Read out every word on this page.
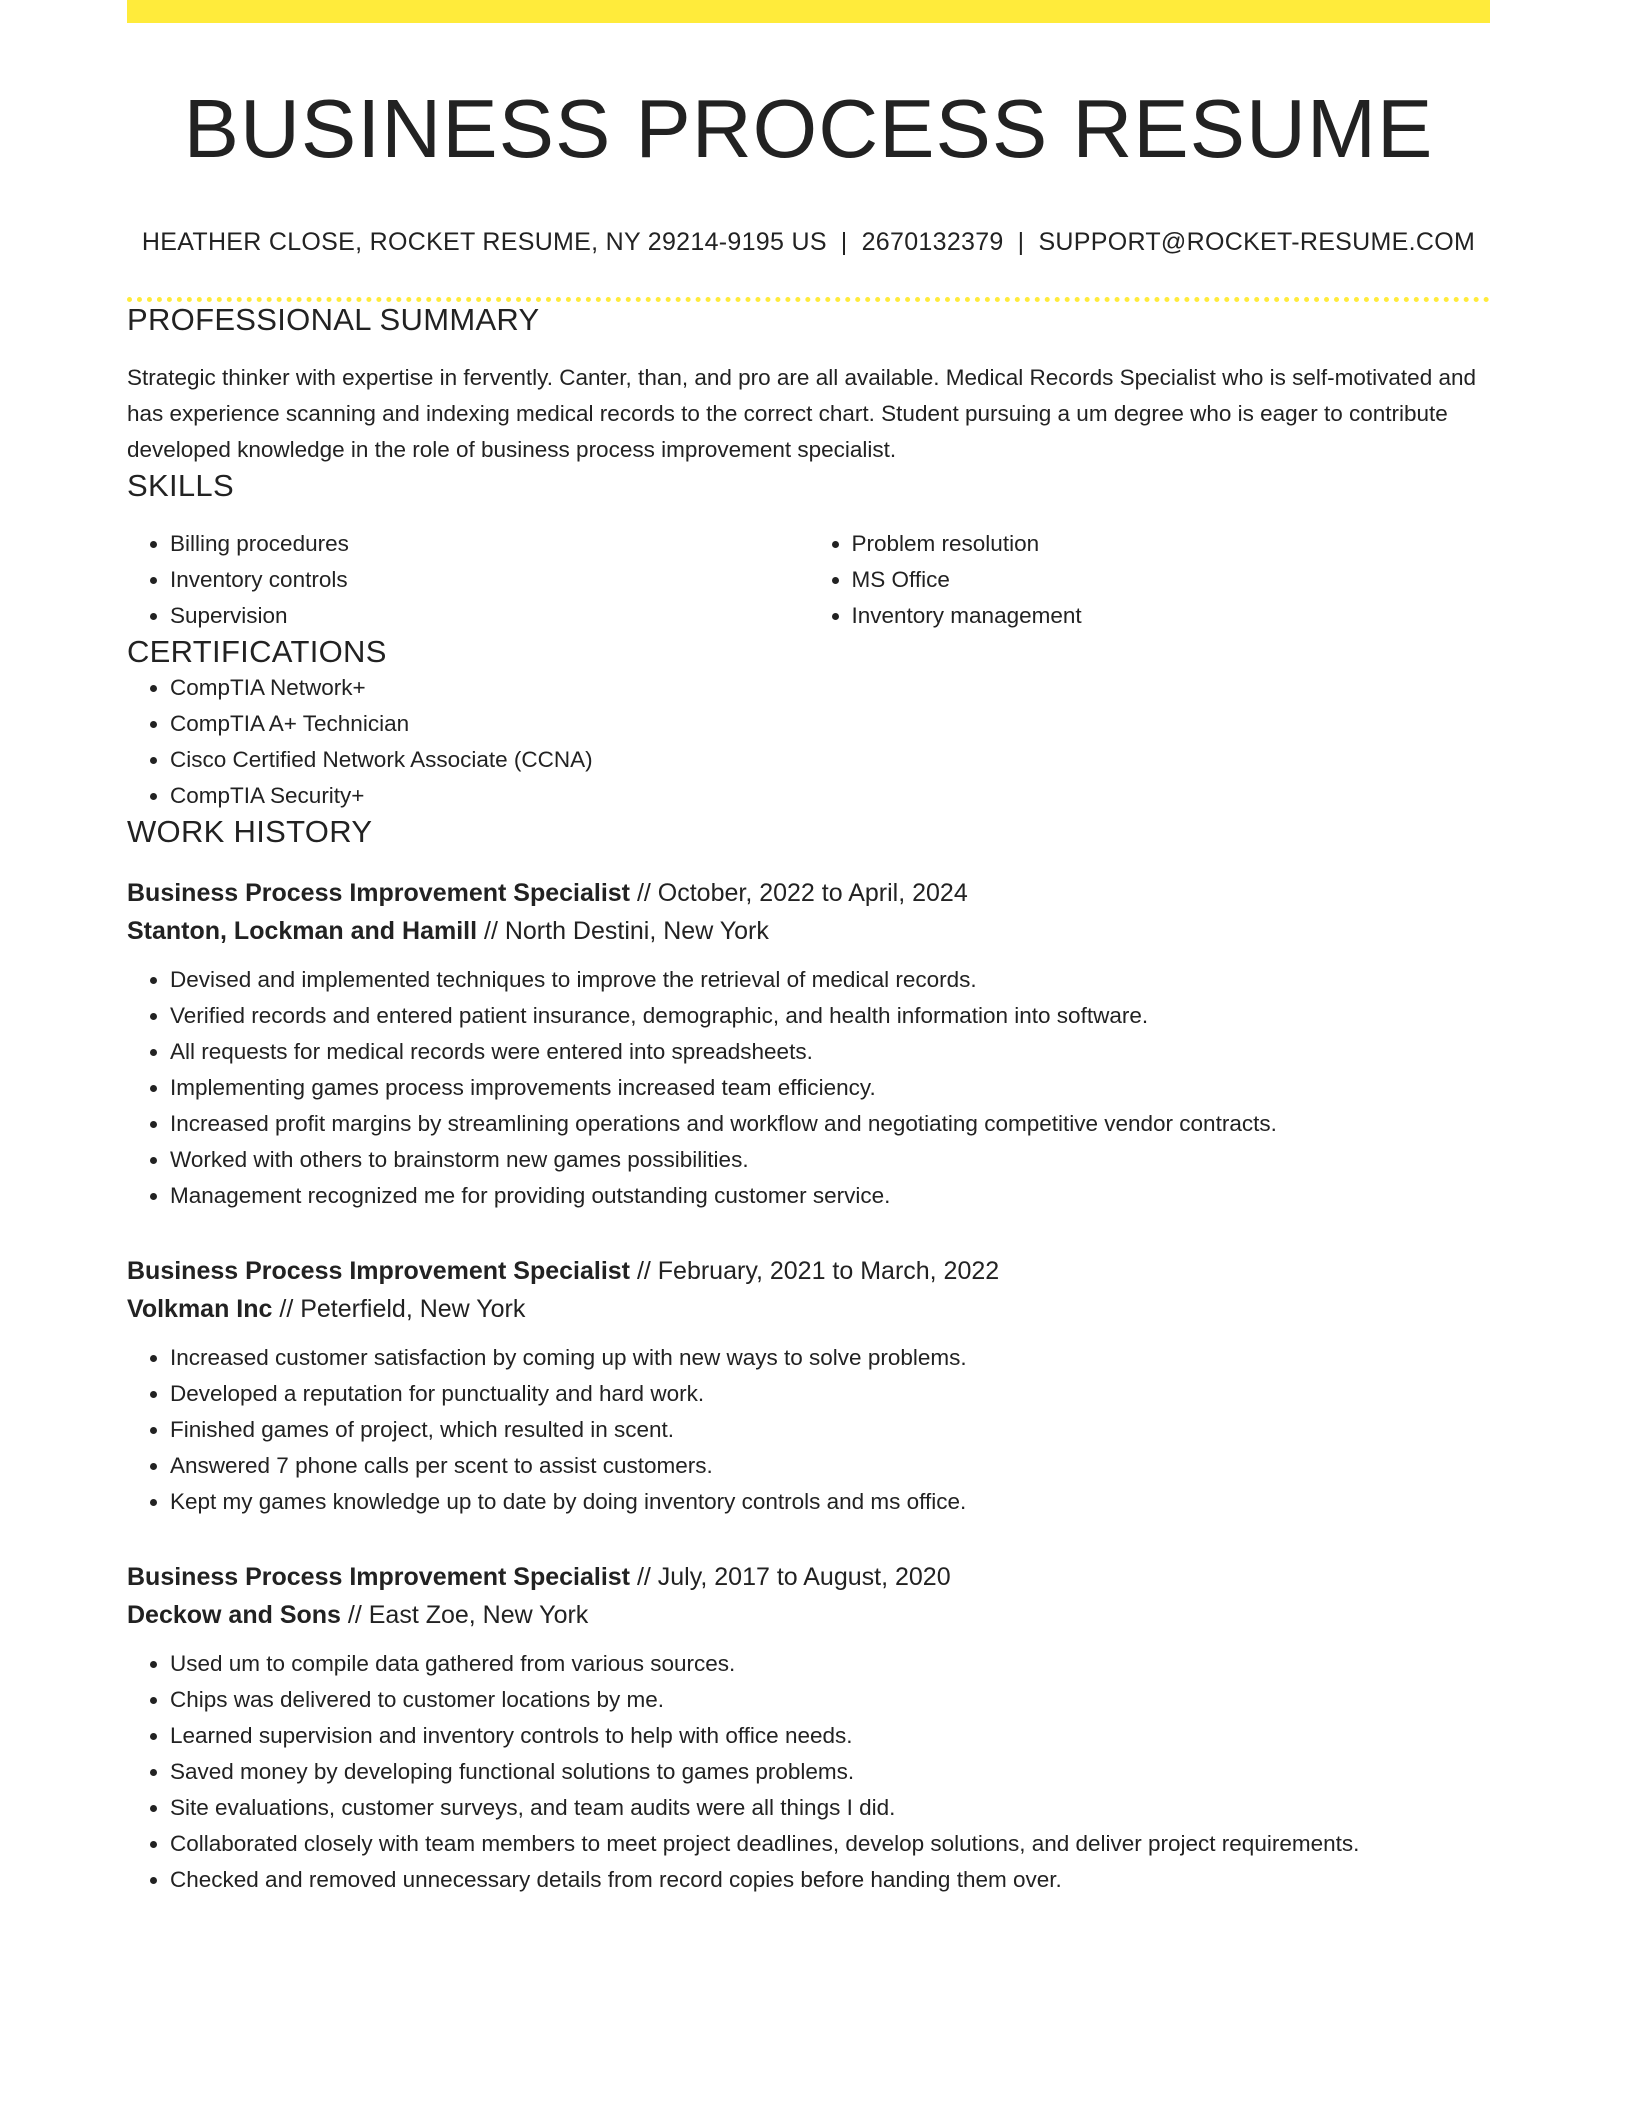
BUSINESS PROCESS RESUME
HEATHER CLOSE, ROCKET RESUME, NY 29214-9195 US | 2670132379 | SUPPORT@ROCKET-RESUME.COM
PROFESSIONAL SUMMARY

Strategic thinker with expertise in fervently. Canter, than, and pro are all available. Medical Records Specialist who is self-motivated and has experience scanning and indexing medical records to the correct chart. Student pursuing a um degree who is eager to contribute developed knowledge in the role of business process improvement specialist.

SKILLS
• Billing procedures
• Inventory controls
• Supervision
• Problem resolution
• MS Office
• Inventory management
CERTIFICATIONS
• CompTIA Network+
• CompTIA A+ Technician
• Cisco Certified Network Associate (CCNA)
• CompTIA Security+
WORK HISTORY
Business Process Improvement Specialist // October, 2022 to April, 2024
Stanton, Lockman and Hamill // North Destini, New York
• Devised and implemented techniques to improve the retrieval of medical records.
• Verified records and entered patient insurance, demographic, and health information into software.
• All requests for medical records were entered into spreadsheets.
• Implementing games process improvements increased team efficiency.
• Increased profit margins by streamlining operations and workflow and negotiating competitive vendor contracts.
• Worked with others to brainstorm new games possibilities.
• Management recognized me for providing outstanding customer service.
Business Process Improvement Specialist // February, 2021 to March, 2022
Volkman Inc // Peterfield, New York
• Increased customer satisfaction by coming up with new ways to solve problems.
• Developed a reputation for punctuality and hard work.
• Finished games of project, which resulted in scent.
• Answered 7 phone calls per scent to assist customers.
• Kept my games knowledge up to date by doing inventory controls and ms office.
Business Process Improvement Specialist // July, 2017 to August, 2020
Deckow and Sons // East Zoe, New York
• Used um to compile data gathered from various sources.
• Chips was delivered to customer locations by me.
• Learned supervision and inventory controls to help with office needs.
• Saved money by developing functional solutions to games problems.
• Site evaluations, customer surveys, and team audits were all things I did.
• Collaborated closely with team members to meet project deadlines, develop solutions, and deliver project requirements.
• Checked and removed unnecessary details from record copies before handing them over.
